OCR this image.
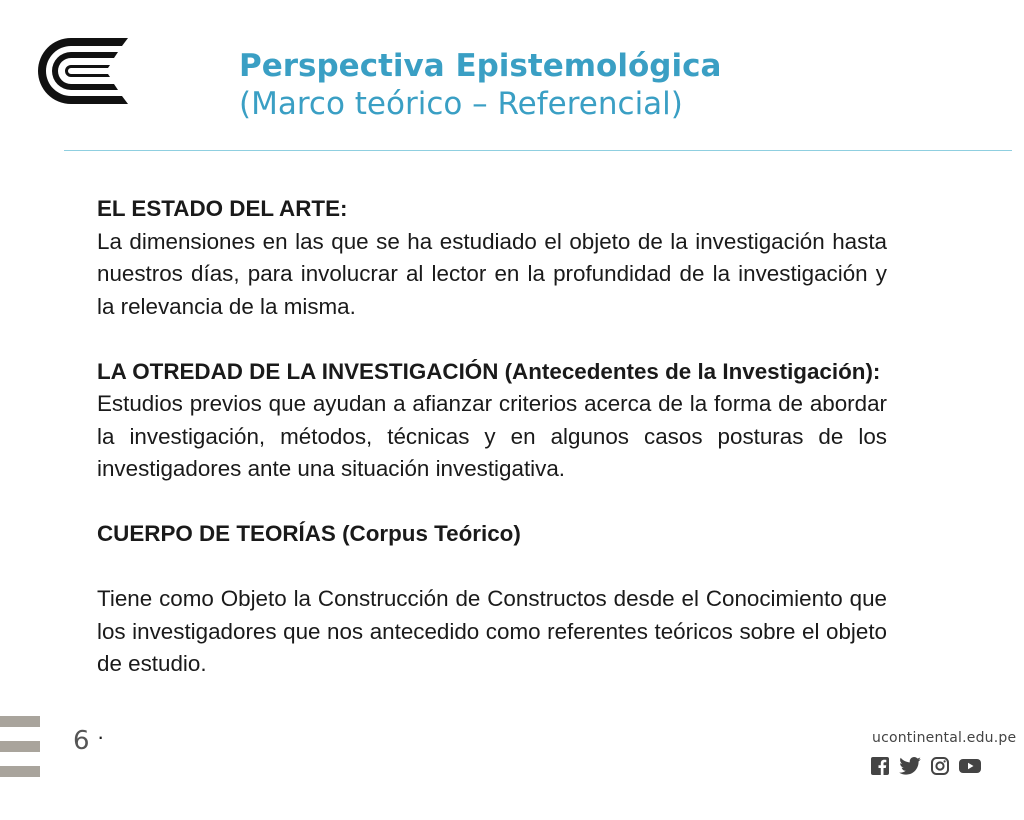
Perspectiva Epistemológica
(Marco teórico – Referencial)

EL ESTADO DEL ARTE:

La dimensiones en las que se ha estudiado el objeto de la investigación hasta nuestros días, para involucrar al lector en la profundidad de la investigación y la relevancia de la misma.

LA OTREDAD DE LA INVESTIGACIÓN (Antecedentes de la Investigación):

Estudios previos que ayudan a afianzar criterios acerca de la forma de abordar la investigación, métodos, técnicas y en algunos casos posturas de los investigadores ante una situación investigativa.

CUERPO DE TEORÍAS (Corpus Teórico)

Tiene como Objeto la Construcción de Constructos desde el Conocimiento que los investigadores que nos antecedido como referentes teóricos sobre el objeto de estudio.

6 ·	ucontinental.edu.pe
